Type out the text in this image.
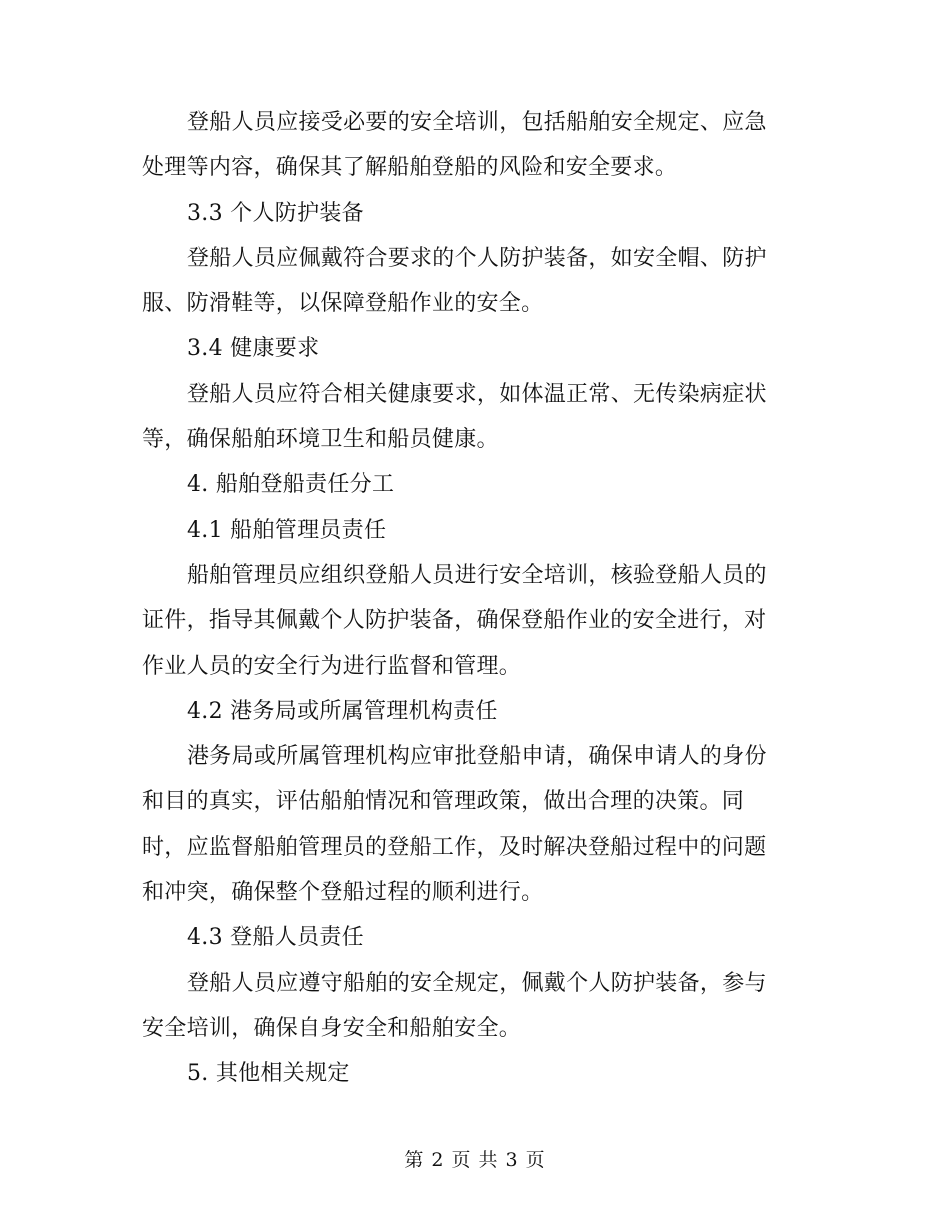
登船人员应接受必要的安全培训，包括船舶安全规定、应急
处理等内容，确保其了解船舶登船的风险和安全要求。
3.3 个人防护装备
登船人员应佩戴符合要求的个人防护装备，如安全帽、防护
服、防滑鞋等，以保障登船作业的安全。
3.4 健康要求
登船人员应符合相关健康要求，如体温正常、无传染病症状
等，确保船舶环境卫生和船员健康。
4. 船舶登船责任分工
4.1 船舶管理员责任
船舶管理员应组织登船人员进行安全培训，核验登船人员的
证件，指导其佩戴个人防护装备，确保登船作业的安全进行，对
作业人员的安全行为进行监督和管理。
4.2 港务局或所属管理机构责任
港务局或所属管理机构应审批登船申请，确保申请人的身份
和目的真实，评估船舶情况和管理政策，做出合理的决策。同
时，应监督船舶管理员的登船工作，及时解决登船过程中的问题
和冲突，确保整个登船过程的顺利进行。
4.3 登船人员责任
登船人员应遵守船舶的安全规定，佩戴个人防护装备，参与
安全培训，确保自身安全和船舶安全。
5. 其他相关规定
第 2 页 共 3 页
